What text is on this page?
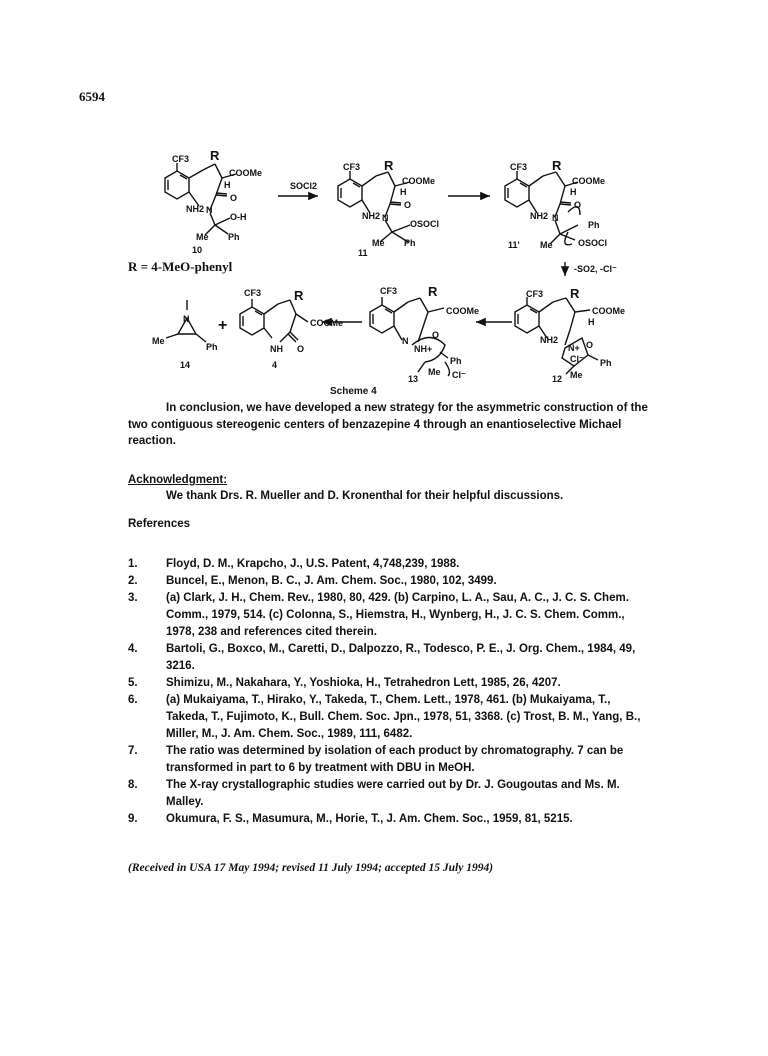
6594
CF3 R
COOMe
H
O
NH2 N
O-H
Me Ph
10
SOCl2
CF3 R
COOMe
H
O
NH2 N
OSOCl
Me Ph
11
CF3 R
COOMe
H
O
NH2 N
Ph
OSOCl
Me
11'
-SO2, -Cl⁻
CF3 R
COOMe
H
NH2
N+ O
Cl⁻ Ph
Me
12
CF3 R
COOMe
N
O
NH+
Ph
Me Cl⁻
13
CF3	R
COOMe
NH O
4
+
N
Me
Ph
14
R = 4-MeO-phenyl
Scheme 4

In conclusion, we have developed a new strategy for the asymmetric construction of the two contiguous stereogenic centers of benzazepine 4 through an enantioselective Michael reaction.

Acknowledgment:
We thank Drs. R. Mueller and D. Kronenthal for their helpful discussions.
References
1.	Floyd, D. M., Krapcho, J., U.S. Patent, 4,748,239, 1988.
2.	Buncel, E., Menon, B. C., J. Am. Chem. Soc., 1980, 102, 3499.
3.	(a) Clark, J. H., Chem. Rev., 1980, 80, 429. (b) Carpino, L. A., Sau, A. C., J. C. S. Chem. Comm., 1979, 514. (c) Colonna, S., Hiemstra, H., Wynberg, H., J. C. S. Chem. Comm., 1978, 238 and references cited therein.
4.	Bartoli, G., Boxco, M., Caretti, D., Dalpozzo, R., Todesco, P. E., J. Org. Chem., 1984, 49, 3216.
5.	Shimizu, M., Nakahara, Y., Yoshioka, H., Tetrahedron Lett, 1985, 26, 4207.
6.	(a) Mukaiyama, T., Hirako, Y., Takeda, T., Chem. Lett., 1978, 461. (b) Mukaiyama, T., Takeda, T., Fujimoto, K., Bull. Chem. Soc. Jpn., 1978, 51, 3368. (c) Trost, B. M., Yang, B., Miller, M., J. Am. Chem. Soc., 1989, 111, 6482.
7.	The ratio was determined by isolation of each product by chromatography. 7 can be transformed in part to 6 by treatment with DBU in MeOH.
8.	The X-ray crystallographic studies were carried out by Dr. J. Gougoutas and Ms. M. Malley.
9.	Okumura, F. S., Masumura, M., Horie, T., J. Am. Chem. Soc., 1959, 81, 5215.
(Received in USA 17 May 1994; revised 11 July 1994; accepted 15 July 1994)
